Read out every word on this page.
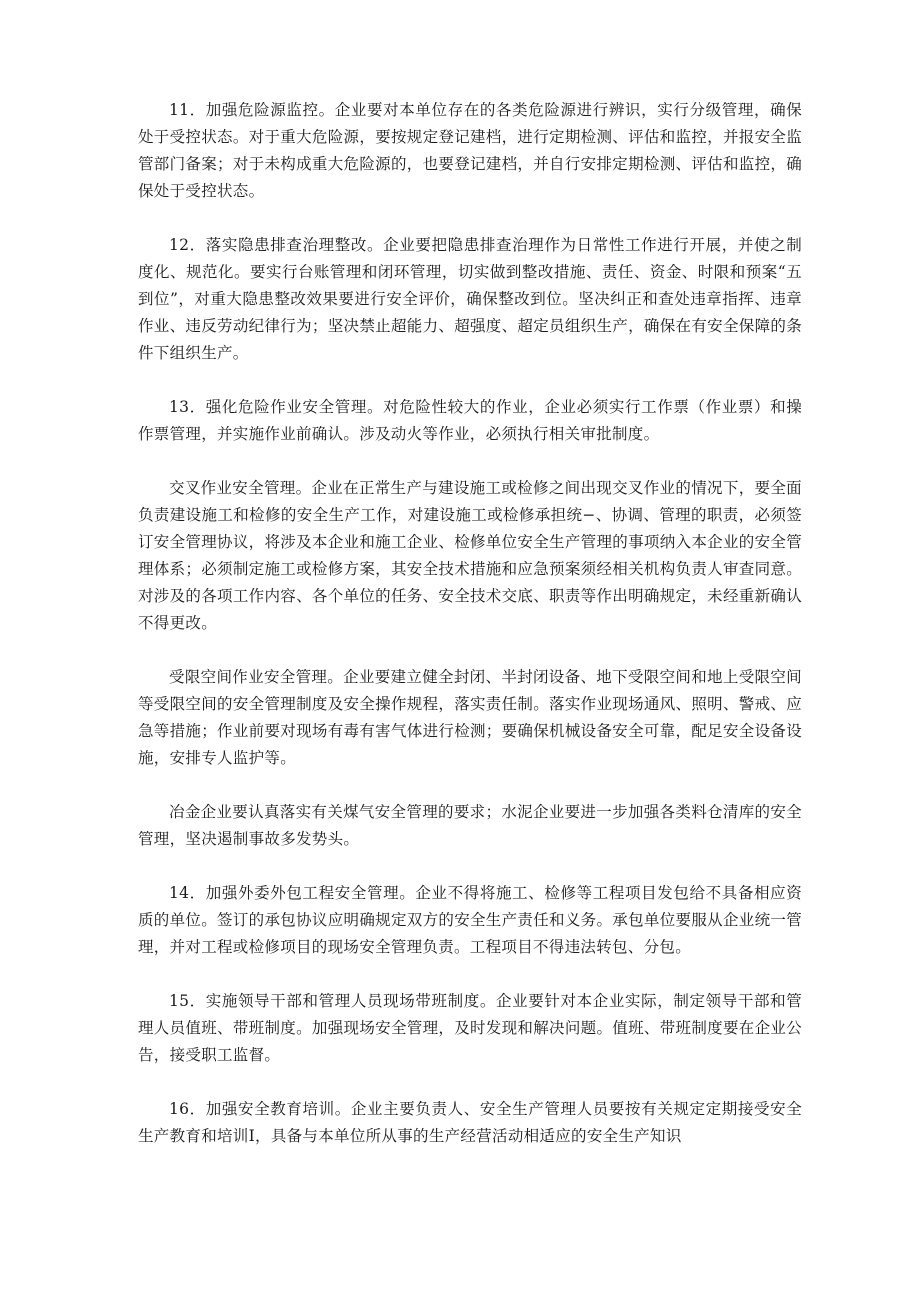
11．加强危险源监控。企业要对本单位存在的各类危险源进行辨识，实行分级管理，确保处于受控状态。对于重大危险源，要按规定登记建档，进行定期检测、评估和监控，并报安全监管部门备案；对于未构成重大危险源的，也要登记建档，并自行安排定期检测、评估和监控，确保处于受控状态。

12．落实隐患排查治理整改。企业要把隐患排查治理作为日常性工作进行开展，并使之制度化、规范化。要实行台账管理和闭环管理，切实做到整改措施、责任、资金、时限和预案“五到位”，对重大隐患整改效果要进行安全评价，确保整改到位。坚决纠正和查处违章指挥、违章作业、违反劳动纪律行为；坚决禁止超能力、超强度、超定员组织生产，确保在有安全保障的条件下组织生产。

13．强化危险作业安全管理。对危险性较大的作业，企业必须实行工作票（作业票）和操作票管理，并实施作业前确认。涉及动火等作业，必须执行相关审批制度。

交叉作业安全管理。企业在正常生产与建设施工或检修之间出现交叉作业的情况下，要全面负责建设施工和检修的安全生产工作，对建设施工或检修承担统−、协调、管理的职责，必须签订安全管理协议，将涉及本企业和施工企业、检修单位安全生产管理的事项纳入本企业的安全管理体系；必须制定施工或检修方案，其安全技术措施和应急预案须经相关机构负责人审查同意。对涉及的各项工作内容、各个单位的任务、安全技术交底、职责等作出明确规定，未经重新确认不得更改。

受限空间作业安全管理。企业要建立健全封闭、半封闭设备、地下受限空间和地上受限空间等受限空间的安全管理制度及安全操作规程，落实责任制。落实作业现场通风、照明、警戒、应急等措施；作业前要对现场有毒有害气体进行检测；要确保机械设备安全可靠，配足安全设备设施，安排专人监护等。

冶金企业要认真落实有关煤气安全管理的要求；水泥企业要进一步加强各类料仓清库的安全管理，坚决遏制事故多发势头。

14．加强外委外包工程安全管理。企业不得将施工、检修等工程项目发包给不具备相应资质的单位。签订的承包协议应明确规定双方的安全生产责任和义务。承包单位要服从企业统一管理，并对工程或检修项目的现场安全管理负责。工程项目不得违法转包、分包。

15．实施领导干部和管理人员现场带班制度。企业要针对本企业实际，制定领导干部和管理人员值班、带班制度。加强现场安全管理，及时发现和解决问题。值班、带班制度要在企业公告，接受职工监督。

16．加强安全教育培训。企业主要负责人、安全生产管理人员要按有关规定定期接受安全生产教育和培训I，具备与本单位所从事的生产经营活动相适应的安全生产知识
